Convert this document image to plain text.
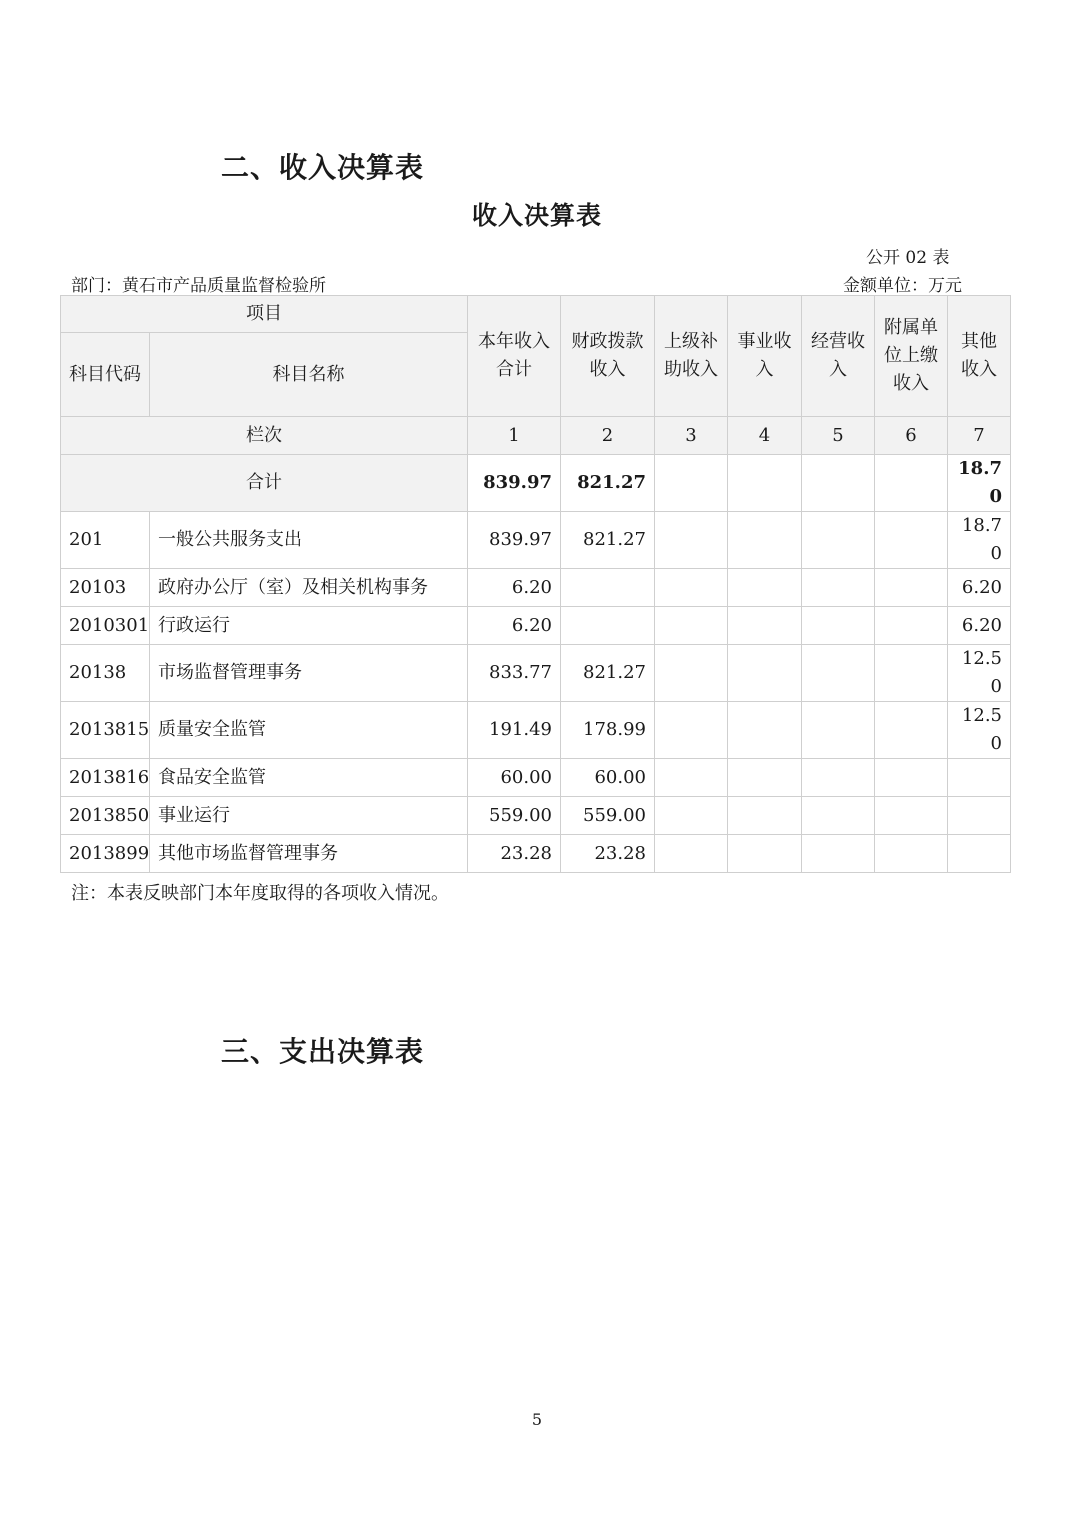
二、收入决算表
收入决算表
公开 02 表
部门：黄石市产品质量监督检验所	金额单位：万元
项目		本年收入合计	财政拨款收入	上级补助收入	事业收入	经营收入	附属单位上缴收入	其他收入
科目代码	科目名称							
栏次		1	2	3	4	5	6	7
合计		839.97	821.27					18.70
201	一般公共服务支出	839.97	821.27					18.70
20103	政府办公厅（室）及相关机构事务	6.20						6.20
2010301	行政运行	6.20						6.20
20138	市场监督管理事务	833.77	821.27					12.50
2013815	质量安全监管	191.49	178.99					12.50
2013816	食品安全监管	60.00	60.00					
2013850	事业运行	559.00	559.00					
2013899	其他市场监督管理事务	23.28	23.28					
注：本表反映部门本年度取得的各项收入情况。
三、支出决算表
5
